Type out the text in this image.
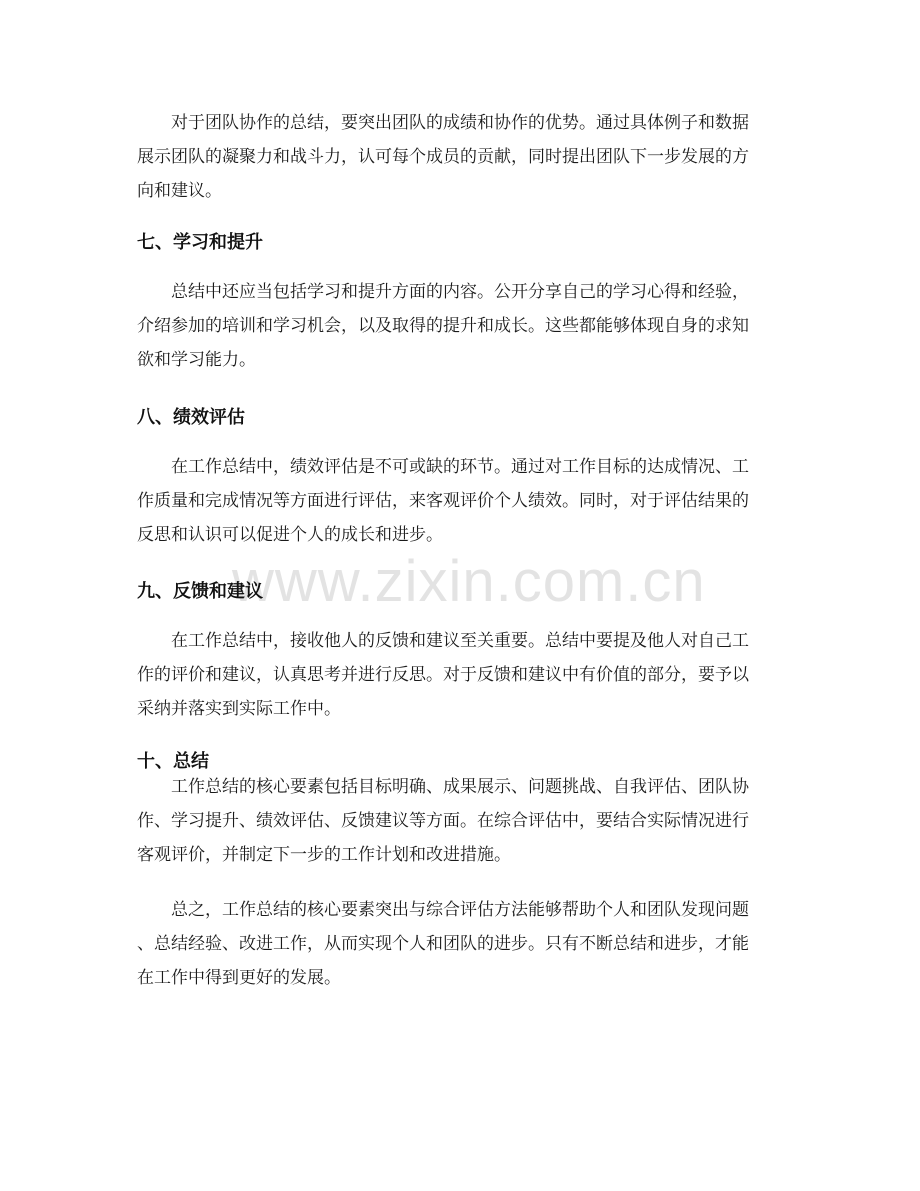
www.zixin.com.cn

对于团队协作的总结，要突出团队的成绩和协作的优势。通过具体例子和数据
展示团队的凝聚力和战斗力，认可每个成员的贡献，同时提出团队下一步发展的方
向和建议。

七、学习和提升

总结中还应当包括学习和提升方面的内容。公开分享自己的学习心得和经验，
介绍参加的培训和学习机会，以及取得的提升和成长。这些都能够体现自身的求知
欲和学习能力。

八、绩效评估

在工作总结中，绩效评估是不可或缺的环节。通过对工作目标的达成情况、工
作质量和完成情况等方面进行评估，来客观评价个人绩效。同时，对于评估结果的
反思和认识可以促进个人的成长和进步。

九、反馈和建议

在工作总结中，接收他人的反馈和建议至关重要。总结中要提及他人对自己工
作的评价和建议，认真思考并进行反思。对于反馈和建议中有价值的部分，要予以
采纳并落实到实际工作中。

十、总结

工作总结的核心要素包括目标明确、成果展示、问题挑战、自我评估、团队协
作、学习提升、绩效评估、反馈建议等方面。在综合评估中，要结合实际情况进行
客观评价，并制定下一步的工作计划和改进措施。

总之，工作总结的核心要素突出与综合评估方法能够帮助个人和团队发现问题
、总结经验、改进工作，从而实现个人和团队的进步。只有不断总结和进步，才能
在工作中得到更好的发展。
